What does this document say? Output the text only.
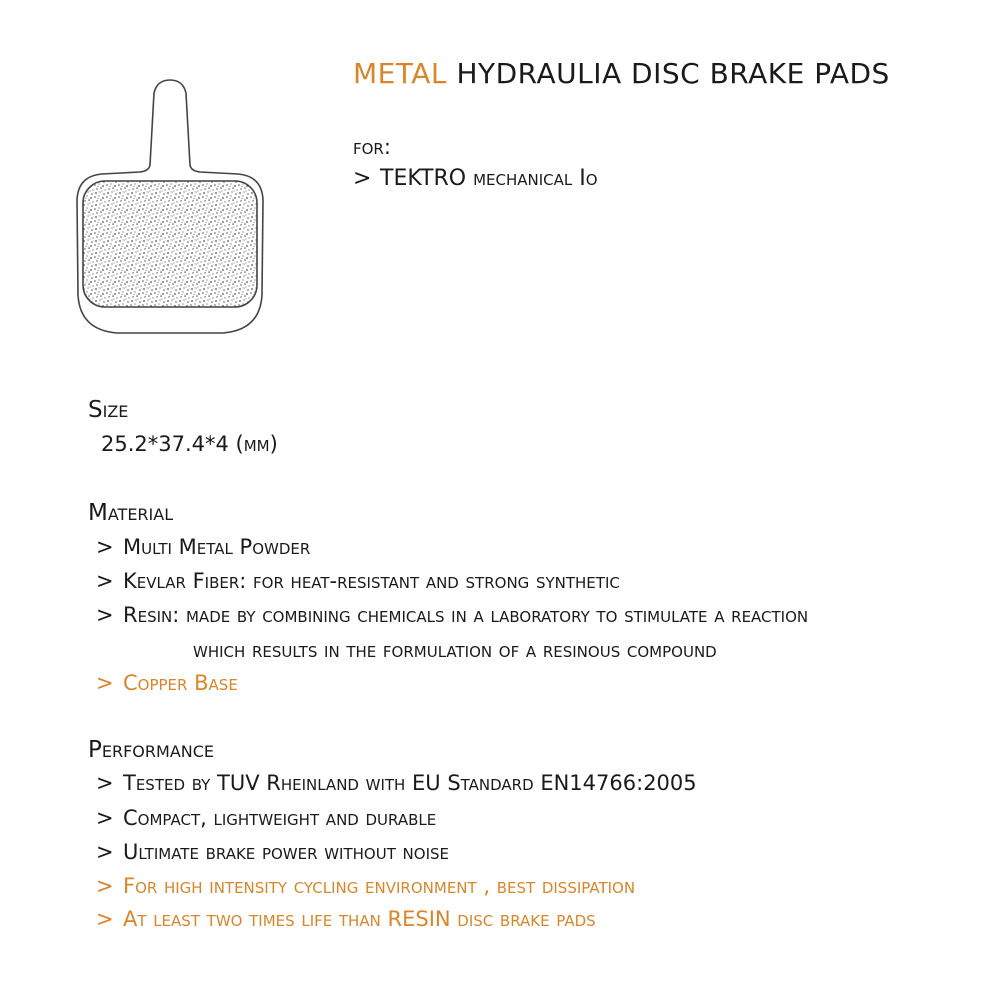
METAL HYDRAULIA DISC BRAKE PADS
for:
> TEKTRO mechanical Io
Size
25.2*37.4*4 (mm)
Material
> Multi Metal Powder
> Kevlar Fiber: for heat-resistant and strong synthetic
> Resin: made by combining chemicals in a laboratory to stimulate a reaction
which results in the formulation of a resinous compound
> Copper Base
Performance
> Tested by TUV Rheinland with EU Standard EN14766:2005
> Compact, lightweight and durable
> Ultimate brake power without noise
> For high intensity cycling environment , best dissipation
> At least two times life than RESIN disc brake pads
